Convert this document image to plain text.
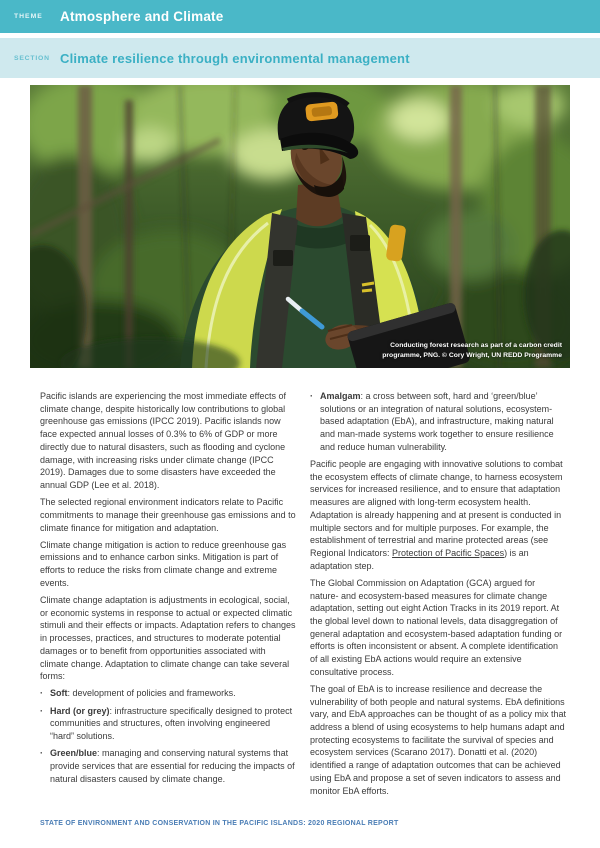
THEME Atmosphere and Climate
SECTION Climate resilience through environmental management
Conducting forest research as part of a carbon credit
programme, PNG. © Cory Wright, UN REDD Programme

Pacific islands are experiencing the most immediate effects of climate change, despite historically low contributions to global greenhouse gas emissions (IPCC 2019). Pacific islands now face expected annual losses of 0.3% to 6% of GDP or more directly due to natural disasters, such as flooding and cyclone damage, with increasing risks under climate change (IPCC 2019). Damages due to some disasters have exceeded the annual GDP (Lee et al. 2018).

The selected regional environment indicators relate to Pacific commitments to manage their greenhouse gas emissions and to climate finance for mitigation and adaptation.

Climate change mitigation is action to reduce greenhouse gas emissions and to enhance carbon sinks. Mitigation is part of efforts to reduce the risks from climate change and extreme events.

Climate change adaptation is adjustments in ecological, social, or economic systems in response to actual or expected climatic stimuli and their effects or impacts. Adaptation refers to changes in processes, practices, and structures to moderate potential damages or to benefit from opportunities associated with climate change. Adaptation to climate change can take several forms:

· Soft: development of policies and frameworks.
· Hard (or grey): infrastructure specifically designed to protect communities and structures, often involving engineered “hard” solutions.
· Green/blue: managing and conserving natural systems that provide services that are essential for reducing the impacts of natural disasters caused by climate change.
· Amalgam: a cross between soft, hard and ‘green/blue’ solutions or an integration of natural solutions, ecosystem-based adaptation (EbA), and infrastructure, making natural and man-made systems work together to ensure resilience and reduce human vulnerability.

Pacific people are engaging with innovative solutions to combat the ecosystem effects of climate change, to harness ecosystem services for increased resilience, and to ensure that adaptation measures are aligned with long-term ecosystem health. Adaptation is already happening and at present is conducted in multiple sectors and for multiple purposes. For example, the establishment of terrestrial and marine protected areas (see Regional Indicators: Protection of Pacific Spaces) is an adaptation step.

The Global Commission on Adaptation (GCA) argued for nature- and ecosystem-based measures for climate change adaptation, setting out eight Action Tracks in its 2019 report. At the global level down to national levels, data disaggregation of general adaptation and ecosystem-based adaptation funding or efforts is often inconsistent or absent. A complete identification of all existing EbA actions would require an extensive consultative process.

The goal of EbA is to increase resilience and decrease the vulnerability of both people and natural systems. EbA definitions vary, and EbA approaches can be thought of as a policy mix that address a blend of using ecosystems to help humans adapt and protecting ecosystems to facilitate the survival of species and ecosystem services (Scarano 2017). Donatti et al. (2020) identified a range of adaptation outcomes that can be achieved using EbA and propose a set of seven indicators to assess and monitor EbA efforts.

STATE OF ENVIRONMENT AND CONSERVATION IN THE PACIFIC ISLANDS: 2020 REGIONAL REPORT
